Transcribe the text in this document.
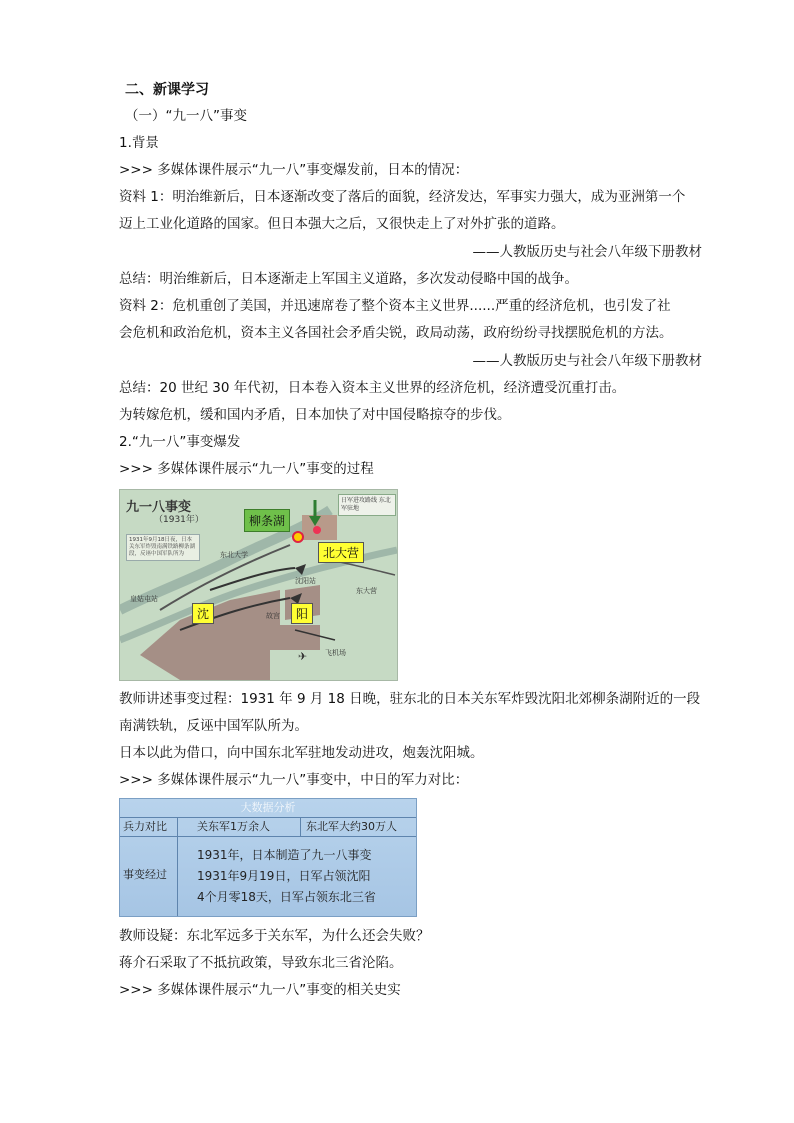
二、新课学习
（一）“九一八”事变
1.背景
>>> 多媒体课件展示“九一八”事变爆发前，日本的情况：
资料 1：明治维新后，日本逐渐改变了落后的面貌，经济发达，军事实力强大，成为亚洲第一个
迈上工业化道路的国家。但日本强大之后，又很快走上了对外扩张的道路。
——人教版历史与社会八年级下册教材
总结：明治维新后，日本逐渐走上军国主义道路，多次发动侵略中国的战争。
资料 2：危机重创了美国，并迅速席卷了整个资本主义世界......严重的经济危机，也引发了社
会危机和政治危机，资本主义各国社会矛盾尖锐，政局动荡，政府纷纷寻找摆脱危机的方法。
——人教版历史与社会八年级下册教材
总结：20 世纪 30 年代初，日本卷入资本主义世界的经济危机，经济遭受沉重打击。
为转嫁危机，缓和国内矛盾，日本加快了对中国侵略掠夺的步伐。
2.“九一八”事变爆发
>>> 多媒体课件展示“九一八”事变的过程
✈
九一八事变
（1931年）
1931年9月18日夜，日本关东军炸毁南满铁路柳条湖段，反诬中国军队所为
日军进攻路线 东北军驻地
柳条湖
北大营
沈	阳
东北大学
沈阳站
东大营
皇姑屯站
故宫
飞机场
教师讲述事变过程：1931 年 9 月 18 日晚，驻东北的日本关东军炸毁沈阳北郊柳条湖附近的一段
南满铁轨，反诬中国军队所为。
日本以此为借口，向中国东北军驻地发动进攻，炮轰沈阳城。
>>> 多媒体课件展示“九一八”事变中，中日的军力对比：
大数据分析
兵力对比	关东军1万余人	东北军大约30万人
事变经过
1931年，日本制造了九一八事变
1931年9月19日，日军占领沈阳
4个月零18天，日军占领东北三省
教师设疑：东北军远多于关东军，为什么还会失败？
蒋介石采取了不抵抗政策，导致东北三省沦陷。
>>> 多媒体课件展示“九一八”事变的相关史实
